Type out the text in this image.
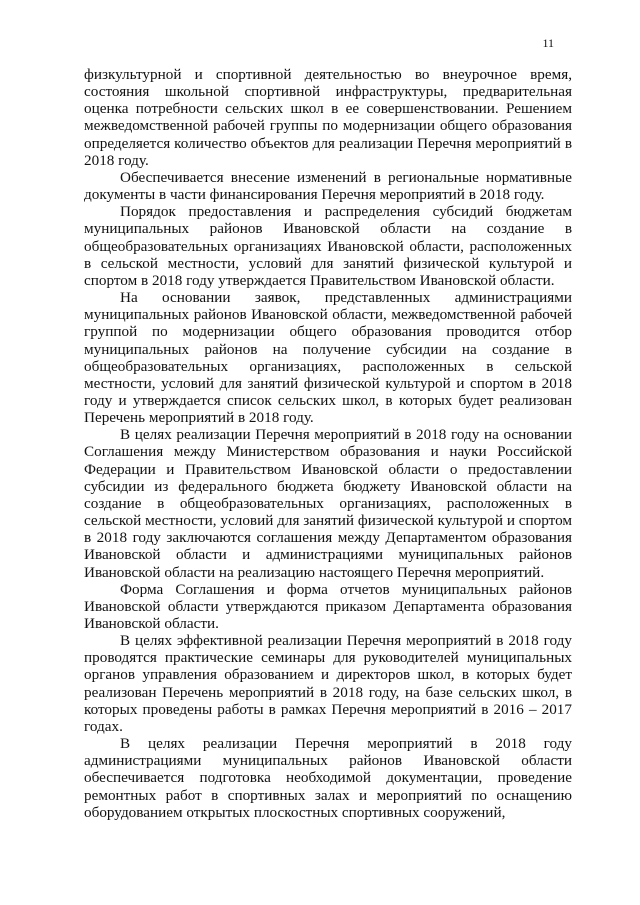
11

физкультурной и спортивной деятельностью во внеурочное время, состояния школьной спортивной инфраструктуры, предварительная оценка потребности сельских школ в ее совершенствовании. Решением межведомственной рабочей группы по модернизации общего образования определяется количество объектов для реализации Перечня мероприятий в 2018 году.

Обеспечивается внесение изменений в региональные нормативные документы в части финансирования Перечня мероприятий в 2018 году.

Порядок предоставления и распределения субсидий бюджетам муниципальных районов Ивановской области на создание в общеобразовательных организациях Ивановской области, расположенных в сельской местности, условий для занятий физической культурой и спортом в 2018 году утверждается Правительством Ивановской области.

На основании заявок, представленных администрациями муниципальных районов Ивановской области, межведомственной рабочей группой по модернизации общего образования проводится отбор муниципальных районов на получение субсидии на создание в общеобразовательных организациях, расположенных в сельской местности, условий для занятий физической культурой и спортом в 2018 году и утверждается список сельских школ, в которых будет реализован Перечень мероприятий в 2018 году.

В целях реализации Перечня мероприятий в 2018 году на основании Соглашения между Министерством образования и науки Российской Федерации и Правительством Ивановской области о предоставлении субсидии из федерального бюджета бюджету Ивановской области на создание в общеобразовательных организациях, расположенных в сельской местности, условий для занятий физической культурой и спортом в 2018 году заключаются соглашения между Департаментом образования Ивановской области и администрациями муниципальных районов Ивановской области на реализацию настоящего Перечня мероприятий.

Форма Соглашения и форма отчетов муниципальных районов Ивановской области утверждаются приказом Департамента образования Ивановской области.

В целях эффективной реализации Перечня мероприятий в 2018 году проводятся практические семинары для руководителей муниципальных органов управления образованием и директоров школ, в которых будет реализован Перечень мероприятий в 2018 году, на базе сельских школ, в которых проведены работы в рамках Перечня мероприятий в 2016 – 2017 годах.

В целях реализации Перечня мероприятий в 2018 году администрациями муниципальных районов Ивановской области обеспечивается подготовка необходимой документации, проведение ремонтных работ в спортивных залах и мероприятий по оснащению оборудованием открытых плоскостных спортивных сооружений,
